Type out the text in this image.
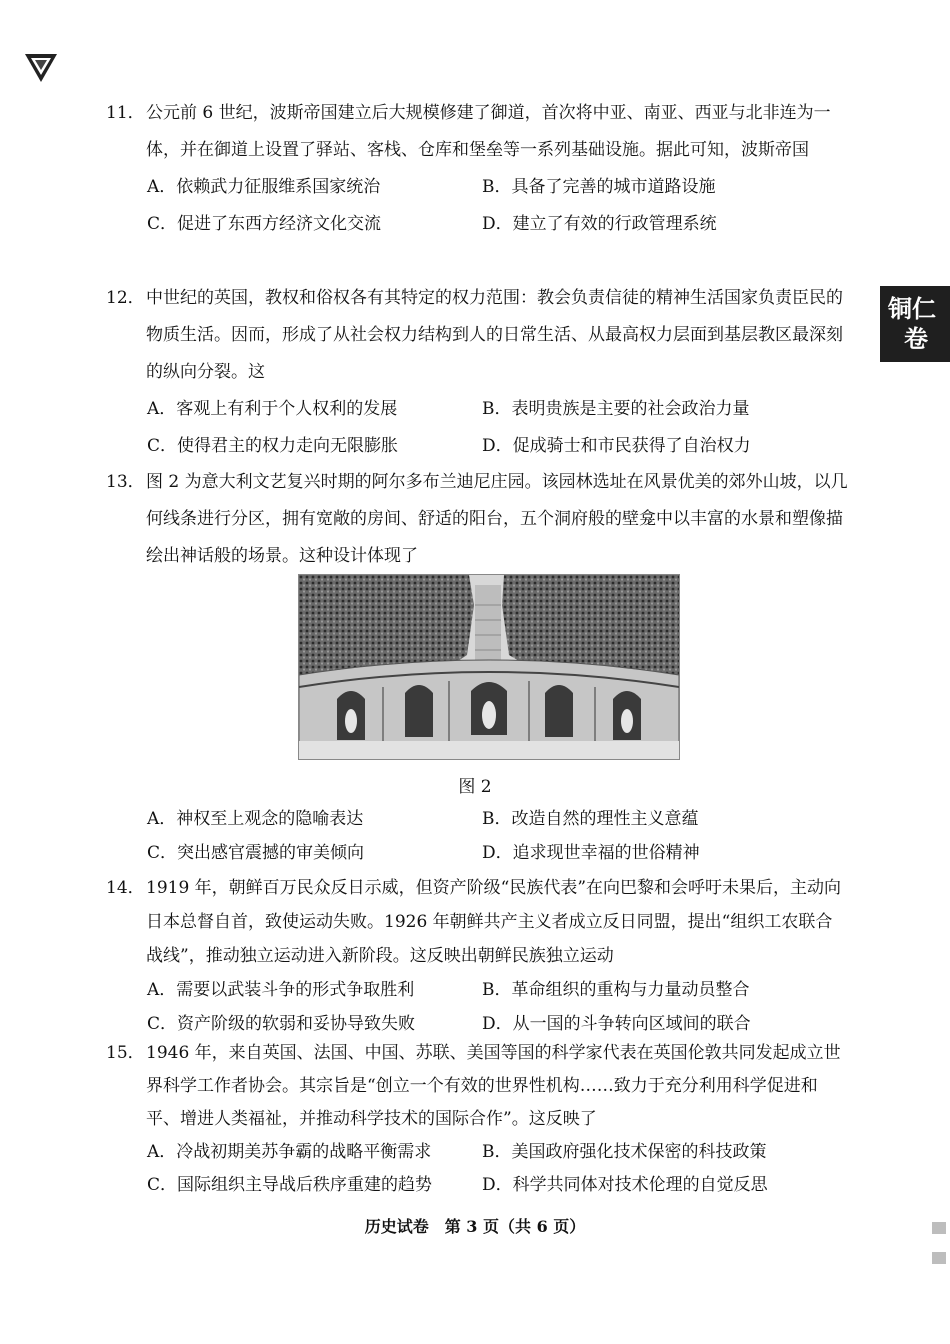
铜仁
卷

11．公元前 6 世纪，波斯帝国建立后大规模修建了御道，首次将中亚、南亚、西亚与北非连为一体，并在御道上设置了驿站、客栈、仓库和堡垒等一系列基础设施。据此可知，波斯帝国

A．依赖武力征服维系国家统治	B．具备了完善的城市道路设施
C．促进了东西方经济文化交流	D．建立了有效的行政管理系统

12．中世纪的英国，教权和俗权各有其特定的权力范围：教会负责信徒的精神生活国家负责臣民的物质生活。因而，形成了从社会权力结构到人的日常生活、从最高权力层面到基层教区最深刻的纵向分裂。这

A．客观上有利于个人权利的发展	B．表明贵族是主要的社会政治力量
C．使得君主的权力走向无限膨胀	D．促成骑士和市民获得了自治权力

13．图 2 为意大利文艺复兴时期的阿尔多布兰迪尼庄园。该园林选址在风景优美的郊外山坡，以几何线条进行分区，拥有宽敞的房间、舒适的阳台，五个洞府般的壁龛中以丰富的水景和塑像描绘出神话般的场景。这种设计体现了

图 2
A．神权至上观念的隐喻表达	B．改造自然的理性主义意蕴
C．突出感官震撼的审美倾向	D．追求现世幸福的世俗精神

14．1919 年，朝鲜百万民众反日示威，但资产阶级“民族代表”在向巴黎和会呼吁未果后，主动向日本总督自首，致使运动失败。1926 年朝鲜共产主义者成立反日同盟，提出“组织工农联合战线”，推动独立运动进入新阶段。这反映出朝鲜民族独立运动

A．需要以武装斗争的形式争取胜利	B．革命组织的重构与力量动员整合
C．资产阶级的软弱和妥协导致失败	D．从一国的斗争转向区域间的联合

15．1946 年，来自英国、法国、中国、苏联、美国等国的科学家代表在英国伦敦共同发起成立世界科学工作者协会。其宗旨是“创立一个有效的世界性机构……致力于充分利用科学促进和平、增进人类福祉，并推动科学技术的国际合作”。这反映了

A．冷战初期美苏争霸的战略平衡需求	B．美国政府强化技术保密的科技政策
C．国际组织主导战后秩序重建的趋势	D．科学共同体对技术伦理的自觉反思
历史试卷　第 3 页（共 6 页）
